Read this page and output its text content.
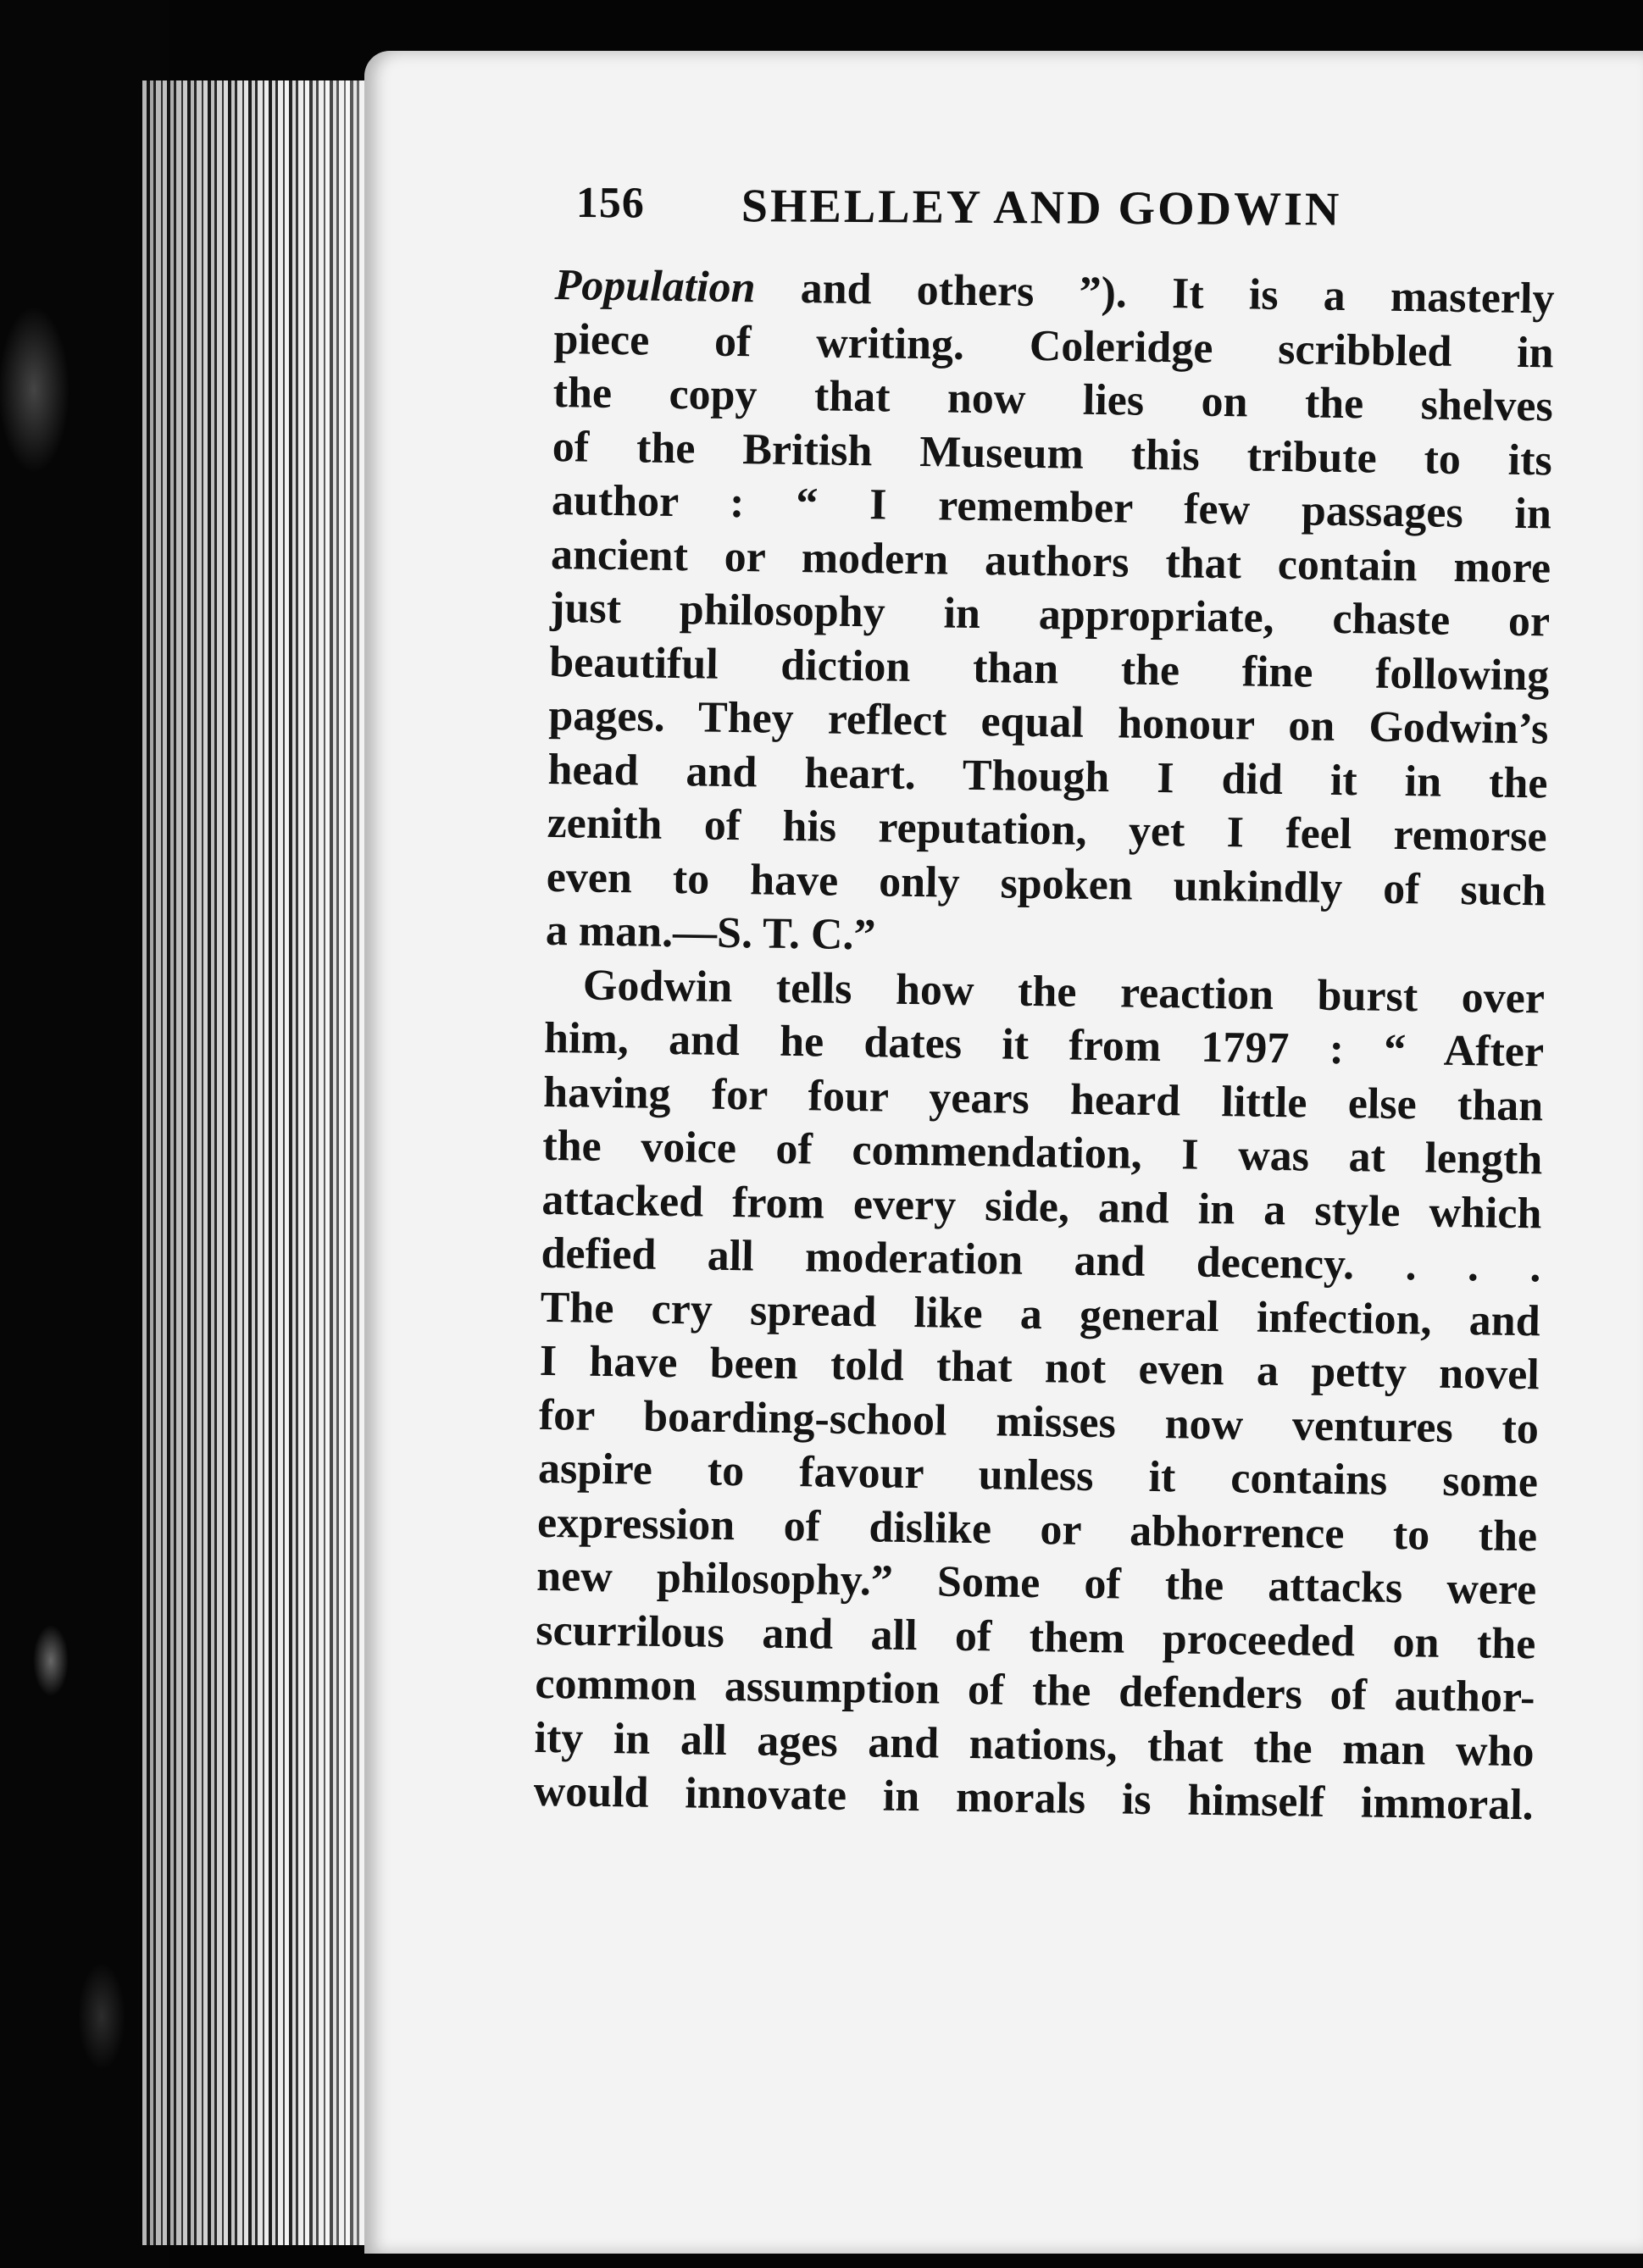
156 SHELLEY AND GODWIN
Population and others ”). It is a masterly
piece of writing. Coleridge scribbled in
the copy that now lies on the shelves
of the British Museum this tribute to its
author : “ I remember few passages in
ancient or modern authors that contain more
just philosophy in appropriate, chaste or
beautiful diction than the fine following
pages. They reflect equal honour on Godwin’s
head and heart. Though I did it in the
zenith of his reputation, yet I feel remorse
even to have only spoken unkindly of such
a man.—S. T. C.”
Godwin tells how the reaction burst over
him, and he dates it from 1797 : “ After
having for four years heard little else than
the voice of commendation, I was at length
attacked from every side, and in a style which
defied all moderation and decency. . . .
The cry spread like a general infection, and
I have been told that not even a petty novel
for boarding-school misses now ventures to
aspire to favour unless it contains some
expression of dislike or abhorrence to the
new philosophy.” Some of the attacks were
scurrilous and all of them proceeded on the
common assumption of the defenders of author-
ity in all ages and nations, that the man who
would innovate in morals is himself immoral.
